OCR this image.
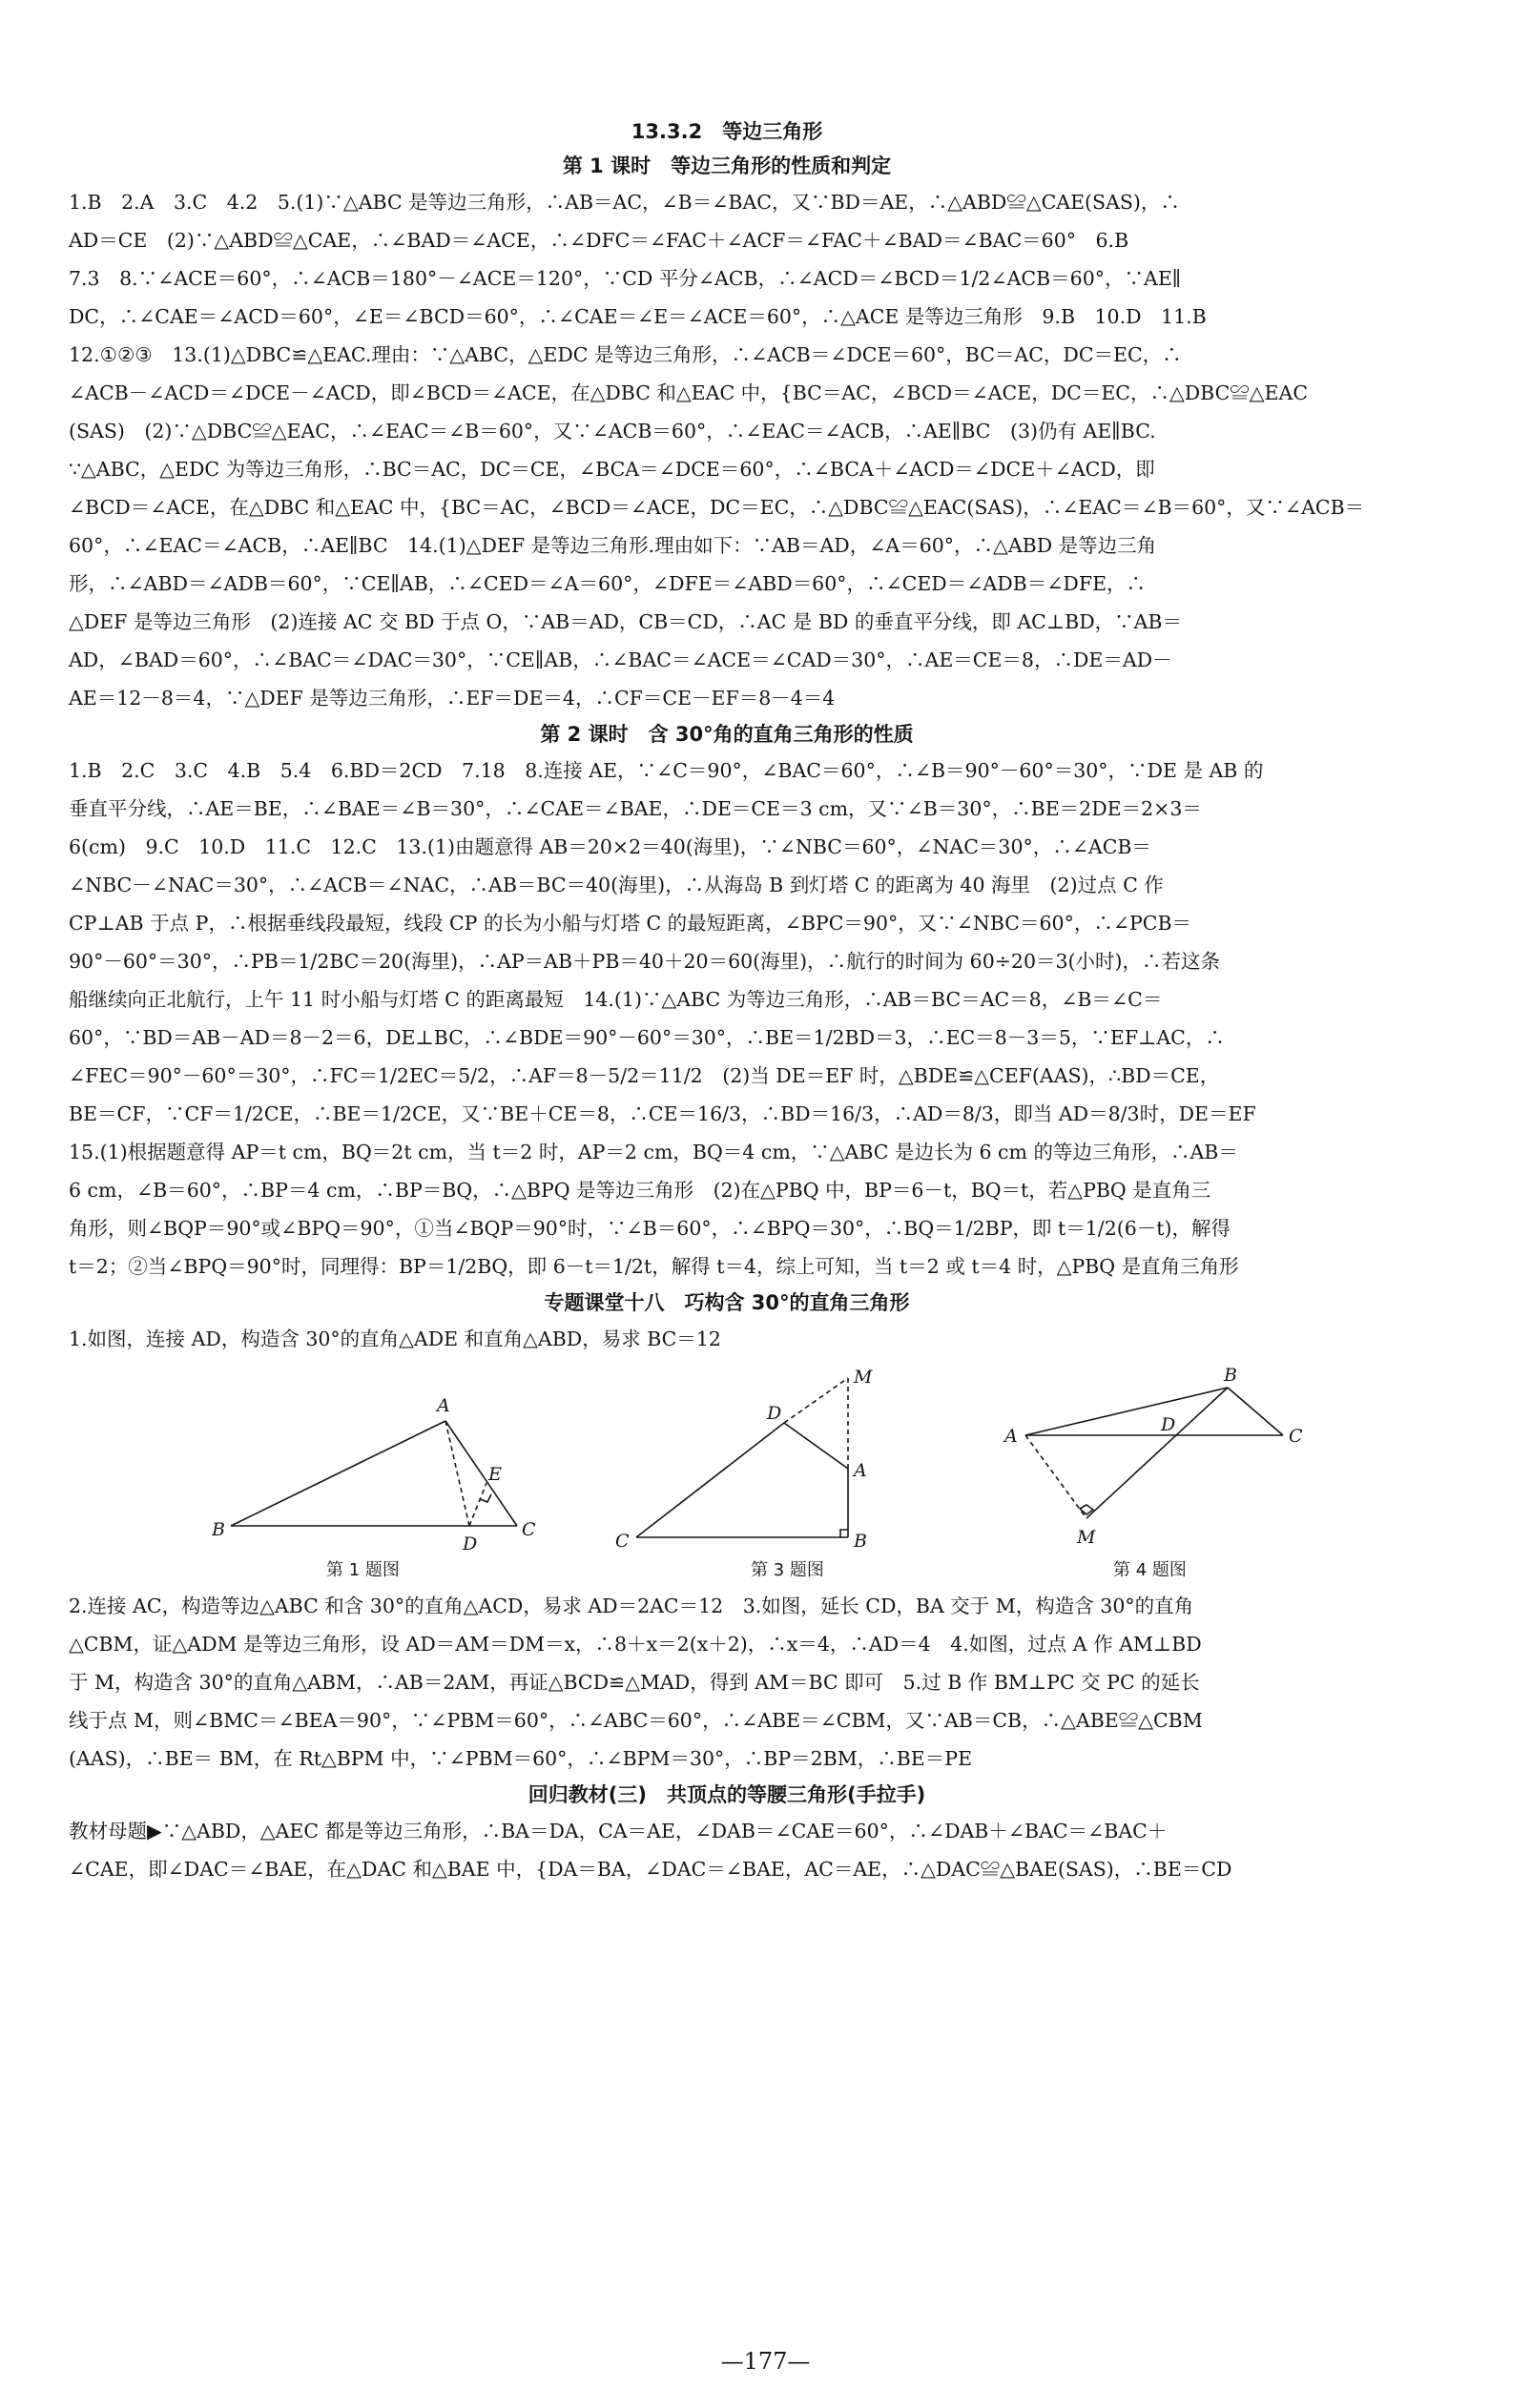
13.3.2　等边三角形

第 1 课时　等边三角形的性质和判定

1.B　2.A　3.C　4.2　5.(1)∵△ABC 是等边三角形，∴AB＝AC，∠B＝∠BAC，又∵BD＝AE，∴△ABD≌△CAE(SAS)，∴

AD＝CE　(2)∵△ABD≌△CAE，∴∠BAD＝∠ACE，∴∠DFC＝∠FAC＋∠ACF＝∠FAC＋∠BAD＝∠BAC＝60°　6.B

7.3　8.∵∠ACE＝60°，∴∠ACB＝180°－∠ACE＝120°，∵CD 平分∠ACB，∴∠ACD＝∠BCD＝1/2∠ACB＝60°，∵AE∥

DC，∴∠CAE＝∠ACD＝60°，∠E＝∠BCD＝60°，∴∠CAE＝∠E＝∠ACE＝60°，∴△ACE 是等边三角形　9.B　10.D　11.B

12.①②③　13.(1)△DBC≌△EAC.理由：∵△ABC，△EDC 是等边三角形，∴∠ACB＝∠DCE＝60°，BC＝AC，DC＝EC，∴

∠ACB－∠ACD＝∠DCE－∠ACD，即∠BCD＝∠ACE，在△DBC 和△EAC 中，{BC＝AC，∠BCD＝∠ACE，DC＝EC，∴△DBC≌△EAC

(SAS)　(2)∵△DBC≌△EAC，∴∠EAC＝∠B＝60°，又∵∠ACB＝60°，∴∠EAC＝∠ACB，∴AE∥BC　(3)仍有 AE∥BC.

∵△ABC，△EDC 为等边三角形，∴BC＝AC，DC＝CE，∠BCA＝∠DCE＝60°，∴∠BCA＋∠ACD＝∠DCE＋∠ACD，即

∠BCD＝∠ACE，在△DBC 和△EAC 中，{BC＝AC，∠BCD＝∠ACE，DC＝EC，∴△DBC≌△EAC(SAS)，∴∠EAC＝∠B＝60°，又∵∠ACB＝

60°，∴∠EAC＝∠ACB，∴AE∥BC　14.(1)△DEF 是等边三角形.理由如下：∵AB＝AD，∠A＝60°，∴△ABD 是等边三角

形，∴∠ABD＝∠ADB＝60°，∵CE∥AB，∴∠CED＝∠A＝60°，∠DFE＝∠ABD＝60°，∴∠CED＝∠ADB＝∠DFE，∴

△DEF 是等边三角形　(2)连接 AC 交 BD 于点 O，∵AB＝AD，CB＝CD，∴AC 是 BD 的垂直平分线，即 AC⊥BD，∵AB＝

AD，∠BAD＝60°，∴∠BAC＝∠DAC＝30°，∵CE∥AB，∴∠BAC＝∠ACE＝∠CAD＝30°，∴AE＝CE＝8，∴DE＝AD－

AE＝12－8＝4，∵△DEF 是等边三角形，∴EF＝DE＝4，∴CF＝CE－EF＝8－4＝4

第 2 课时　含 30°角的直角三角形的性质

1.B　2.C　3.C　4.B　5.4　6.BD＝2CD　7.18　8.连接 AE，∵∠C＝90°，∠BAC＝60°，∴∠B＝90°－60°＝30°，∵DE 是 AB 的

垂直平分线，∴AE＝BE，∴∠BAE＝∠B＝30°，∴∠CAE＝∠BAE，∴DE＝CE＝3 cm，又∵∠B＝30°，∴BE＝2DE＝2×3＝

6(cm)　9.C　10.D　11.C　12.C　13.(1)由题意得 AB＝20×2＝40(海里)，∵∠NBC＝60°，∠NAC＝30°，∴∠ACB＝

∠NBC－∠NAC＝30°，∴∠ACB＝∠NAC，∴AB＝BC＝40(海里)，∴从海岛 B 到灯塔 C 的距离为 40 海里　(2)过点 C 作

CP⊥AB 于点 P，∴根据垂线段最短，线段 CP 的长为小船与灯塔 C 的最短距离，∠BPC＝90°，又∵∠NBC＝60°，∴∠PCB＝

90°－60°＝30°，∴PB＝1/2BC＝20(海里)，∴AP＝AB＋PB＝40＋20＝60(海里)，∴航行的时间为 60÷20＝3(小时)，∴若这条

船继续向正北航行，上午 11 时小船与灯塔 C 的距离最短　14.(1)∵△ABC 为等边三角形，∴AB＝BC＝AC＝8，∠B＝∠C＝

60°，∵BD＝AB－AD＝8－2＝6，DE⊥BC，∴∠BDE＝90°－60°＝30°，∴BE＝1/2BD＝3，∴EC＝8－3＝5，∵EF⊥AC，∴

∠FEC＝90°－60°＝30°，∴FC＝1/2EC＝5/2，∴AF＝8－5/2＝11/2　(2)当 DE＝EF 时，△BDE≌△CEF(AAS)，∴BD＝CE，

BE＝CF，∵CF＝1/2CE，∴BE＝1/2CE，又∵BE＋CE＝8，∴CE＝16/3，∴BD＝16/3，∴AD＝8/3，即当 AD＝8/3时，DE＝EF

15.(1)根据题意得 AP＝t cm，BQ＝2t cm，当 t＝2 时，AP＝2 cm，BQ＝4 cm，∵△ABC 是边长为 6 cm 的等边三角形，∴AB＝

6 cm，∠B＝60°，∴BP＝4 cm，∴BP＝BQ，∴△BPQ 是等边三角形　(2)在△PBQ 中，BP＝6－t，BQ＝t，若△PBQ 是直角三

角形，则∠BQP＝90°或∠BPQ＝90°，①当∠BQP＝90°时，∵∠B＝60°，∴∠BPQ＝30°，∴BQ＝1/2BP，即 t＝1/2(6－t)，解得

t＝2；②当∠BPQ＝90°时，同理得：BP＝1/2BQ，即 6－t＝1/2t，解得 t＝4，综上可知，当 t＝2 或 t＝4 时，△PBQ 是直角三角形

专题课堂十八　巧构含 30°的直角三角形

1.如图，连接 AD，构造含 30°的直角△ADE 和直角△ABD，易求 BC＝12

A
B	C
D
E
第 1 题图
M
D
A
C	B
第 3 题图
B
A
D
C
M
第 4 题图

2.连接 AC，构造等边△ABC 和含 30°的直角△ACD，易求 AD＝2AC＝12　3.如图，延长 CD，BA 交于 M，构造含 30°的直角

△CBM，证△ADM 是等边三角形，设 AD＝AM＝DM＝x，∴8＋x＝2(x＋2)，∴x＝4，∴AD＝4　4.如图，过点 A 作 AM⊥BD

于 M，构造含 30°的直角△ABM，∴AB＝2AM，再证△BCD≌△MAD，得到 AM＝BC 即可　5.过 B 作 BM⊥PC 交 PC 的延长

线于点 M，则∠BMC＝∠BEA＝90°，∵∠PBM＝60°，∴∠ABC＝60°，∴∠ABE＝∠CBM，又∵AB＝CB，∴△ABE≌△CBM

(AAS)，∴BE＝ BM，在 Rt△BPM 中，∵∠PBM＝60°，∴∠BPM＝30°，∴BP＝2BM，∴BE＝PE

回归教材(三)　共顶点的等腰三角形(手拉手)

教材母题▶∵△ABD，△AEC 都是等边三角形，∴BA＝DA，CA＝AE，∠DAB＝∠CAE＝60°，∴∠DAB＋∠BAC＝∠BAC＋

∠CAE，即∠DAC＝∠BAE，在△DAC 和△BAE 中，{DA＝BA，∠DAC＝∠BAE，AC＝AE，∴△DAC≌△BAE(SAS)，∴BE＝CD

—177—
